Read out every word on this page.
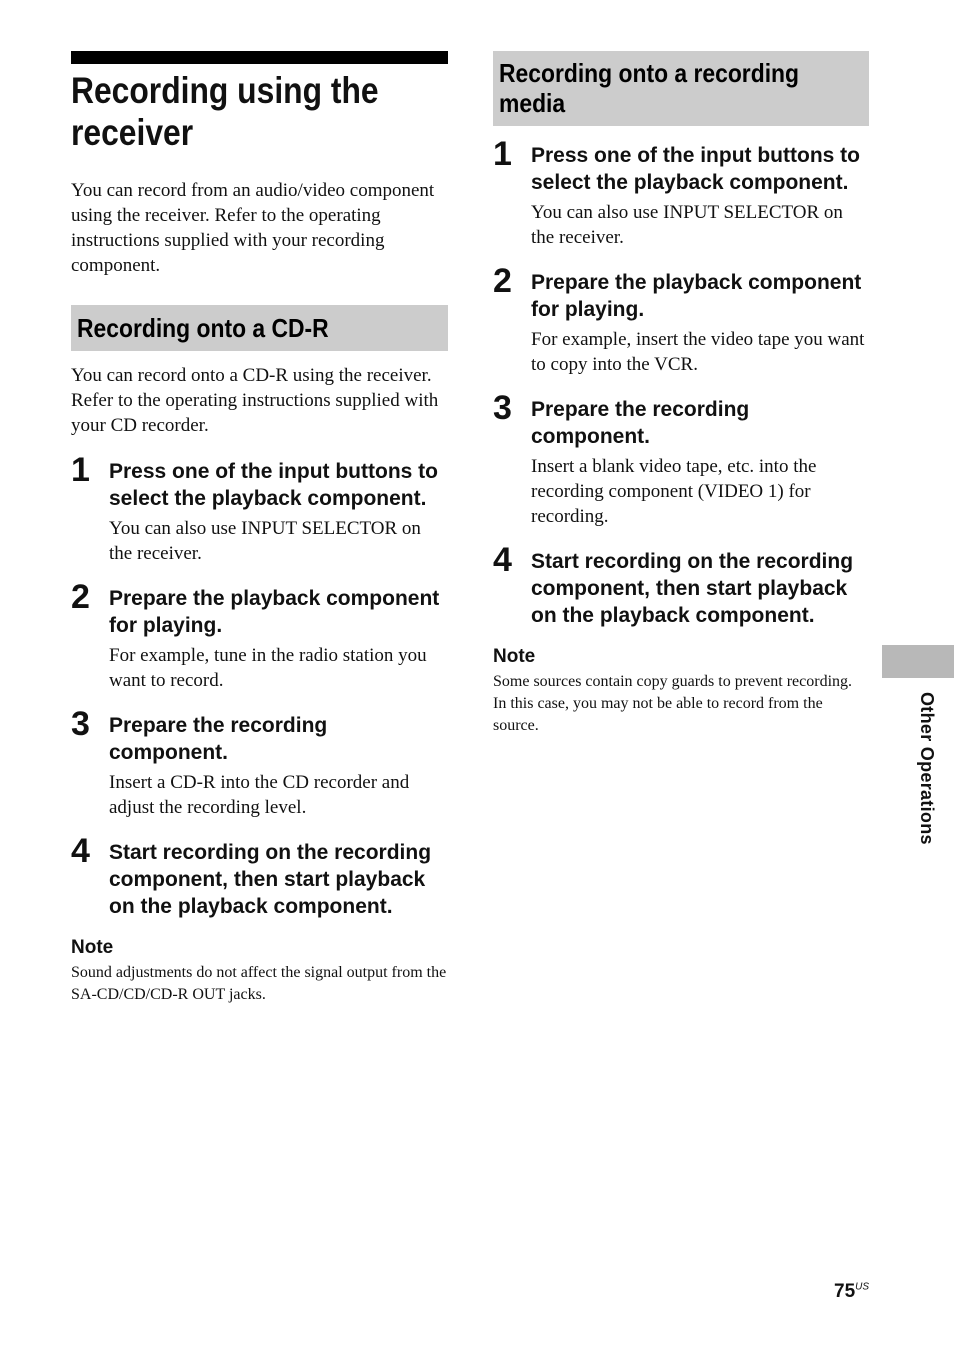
Recording using the receiver

You can record from an audio/video component using the receiver. Refer to the operating instructions supplied with your recording component.

Recording onto a CD-R

You can record onto a CD-R using the receiver. Refer to the operating instructions supplied with your CD recorder.

1 Press one of the input buttons to select the playback component.

You can also use INPUT SELECTOR on the receiver.

2 Prepare the playback component for playing.

For example, tune in the radio station you want to record.

3 Prepare the recording component.

Insert a CD-R into the CD recorder and adjust the recording level.

4 Start recording on the recording component, then start playback on the playback component.

Note

Sound adjustments do not affect the signal output from the SA-CD/CD/CD-R OUT jacks.

Recording onto a recording media
1 Press one of the input buttons to select the playback component.

You can also use INPUT SELECTOR on the receiver.

2 Prepare the playback component for playing.

For example, insert the video tape you want to copy into the VCR.

3 Prepare the recording component.

Insert a blank video tape, etc. into the recording component (VIDEO 1) for recording.

4 Start recording on the recording component, then start playback on the playback component.

Note

Some sources contain copy guards to prevent recording. In this case, you may not be able to record from the source.	Other Operations
$75^{US}$
